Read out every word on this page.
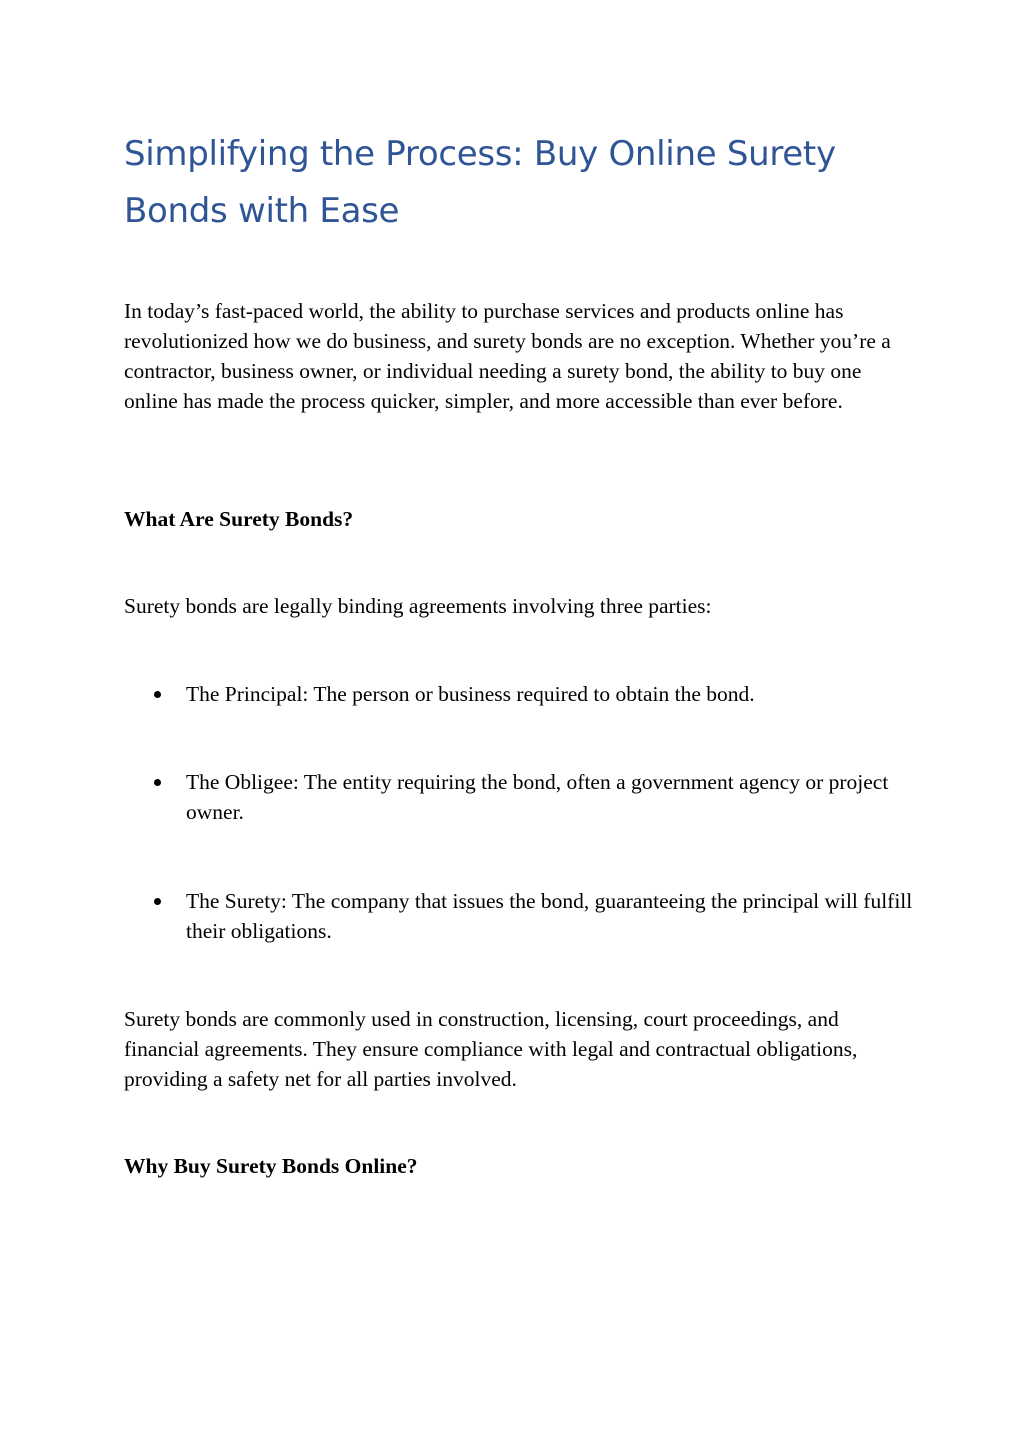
Simplifying the Process: Buy Online Surety Bonds with Ease

In today’s fast-paced world, the ability to purchase services and products online has revolutionized how we do business, and surety bonds are no exception. Whether you’re a contractor, business owner, or individual needing a surety bond, the ability to buy one online has made the process quicker, simpler, and more accessible than ever before.

What Are Surety Bonds?

Surety bonds are legally binding agreements involving three parties:

The Principal: The person or business required to obtain the bond.
The Obligee: The entity requiring the bond, often a government agency or project owner.
The Surety: The company that issues the bond, guaranteeing the principal will fulfill their obligations.

Surety bonds are commonly used in construction, licensing, court proceedings, and financial agreements. They ensure compliance with legal and contractual obligations, providing a safety net for all parties involved.

Why Buy Surety Bonds Online?
